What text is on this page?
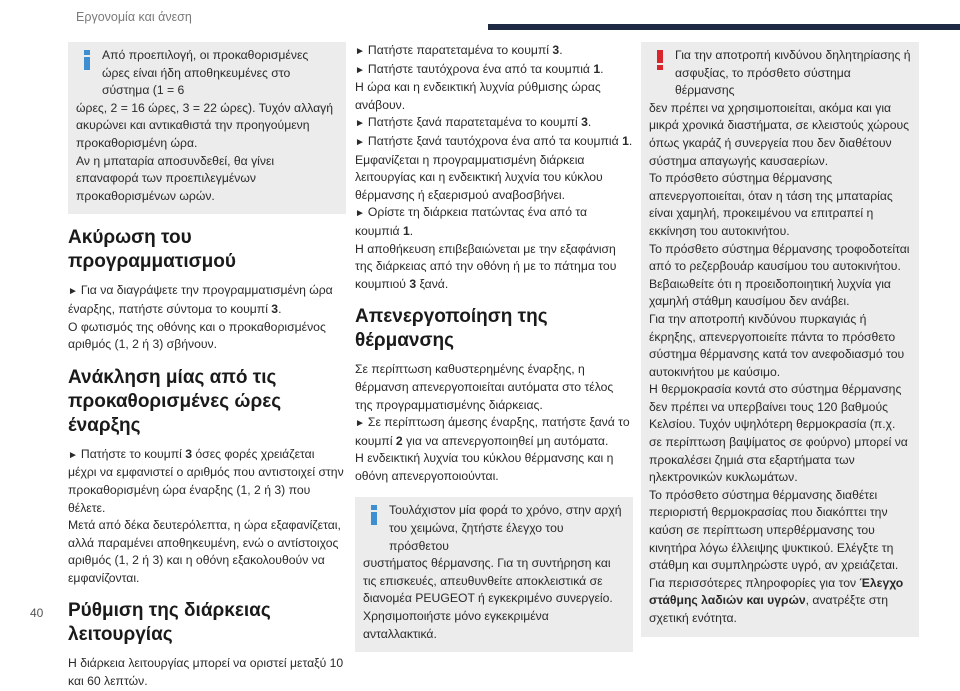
Εργονομία και άνεση

Από προεπιλογή, οι προκαθορισμένες ώρες είναι ήδη αποθηκευμένες στο σύστημα (1 = 6

ώρες, 2 = 16 ώρες, 3 = 22 ώρες). Τυχόν αλλαγή ακυρώνει και αντικαθιστά την προηγούμενη προκαθορισμένη ώρα.

Αν η μπαταρία αποσυνδεθεί, θα γίνει επαναφορά των προεπιλεγμένων προκαθορισμένων ωρών.

Ακύρωση του προγραμματισμού

► Για να διαγράψετε την προγραμματισμένη ώρα έναρξης, πατήστε σύντομα το κουμπί 3.

Ο φωτισμός της οθόνης και ο προκαθορισμένος αριθμός (1, 2 ή 3) σβήνουν.

Ανάκληση μίας από τις προκαθορισμένες ώρες έναρξης

► Πατήστε το κουμπί 3 όσες φορές χρειάζεται μέχρι να εμφανιστεί ο αριθμός που αντιστοιχεί στην προκαθορισμένη ώρα έναρξης (1, 2 ή 3) που θέλετε.

Μετά από δέκα δευτερόλεπτα, η ώρα εξαφανίζεται, αλλά παραμένει αποθηκευμένη, ενώ ο αντίστοιχος αριθμός (1, 2 ή 3) και η οθόνη εξακολουθούν να εμφανίζονται.

Ρύθμιση της διάρκειας λειτουργίας

Η διάρκεια λειτουργίας μπορεί να οριστεί μεταξύ 10 και 60 λεπτών.

► Πατήστε παρατεταμένα το κουμπί 3.

► Πατήστε ταυτόχρονα ένα από τα κουμπιά 1.

Η ώρα και η ενδεικτική λυχνία ρύθμισης ώρας ανάβουν.

► Πατήστε ξανά παρατεταμένα το κουμπί 3.

► Πατήστε ξανά ταυτόχρονα ένα από τα κουμπιά 1.

Εμφανίζεται η προγραμματισμένη διάρκεια λειτουργίας και η ενδεικτική λυχνία του κύκλου θέρμανσης ή εξαερισμού αναβοσβήνει.

► Ορίστε τη διάρκεια πατώντας ένα από τα κουμπιά 1.

Η αποθήκευση επιβεβαιώνεται με την εξαφάνιση της διάρκειας από την οθόνη ή με το πάτημα του κουμπιού 3 ξανά.

Απενεργοποίηση της θέρμανσης

Σε περίπτωση καθυστερημένης έναρξης, η θέρμανση απενεργοποιείται αυτόματα στο τέλος της προγραμματισμένης διάρκειας.

► Σε περίπτωση άμεσης έναρξης, πατήστε ξανά το κουμπί 2 για να απενεργοποιηθεί μη αυτόματα.

Η ενδεικτική λυχνία του κύκλου θέρμανσης και η οθόνη απενεργοποιούνται.

Τουλάχιστον μία φορά το χρόνο, στην αρχή του χειμώνα, ζητήστε έλεγχο του πρόσθετου

συστήματος θέρμανσης. Για τη συντήρηση και τις επισκευές, απευθυνθείτε αποκλειστικά σε διανομέα PEUGEOT ή εγκεκριμένο συνεργείο.

Χρησιμοποιήστε μόνο εγκεκριμένα ανταλλακτικά.

Για την αποτροπή κινδύνου δηλητηρίασης ή ασφυξίας, το πρόσθετο σύστημα θέρμανσης

δεν πρέπει να χρησιμοποιείται, ακόμα και για μικρά χρονικά διαστήματα, σε κλειστούς χώρους όπως γκαράζ ή συνεργεία που δεν διαθέτουν σύστημα απαγωγής καυσαερίων.

Το πρόσθετο σύστημα θέρμανσης απενεργοποιείται, όταν η τάση της μπαταρίας είναι χαμηλή, προκειμένου να επιτραπεί η εκκίνηση του αυτοκινήτου.

Το πρόσθετο σύστημα θέρμανσης τροφοδοτείται από το ρεζερβουάρ καυσίμου του αυτοκινήτου. Βεβαιωθείτε ότι η προειδοποιητική λυχνία για χαμηλή στάθμη καυσίμου δεν ανάβει.

Για την αποτροπή κινδύνου πυρκαγιάς ή έκρηξης, απενεργοποιείτε πάντα το πρόσθετο σύστημα θέρμανσης κατά τον ανεφοδιασμό του αυτοκινήτου με καύσιμο.

Η θερμοκρασία κοντά στο σύστημα θέρμανσης δεν πρέπει να υπερβαίνει τους 120 βαθμούς Κελσίου. Τυχόν υψηλότερη θερμοκρασία (π.χ. σε περίπτωση βαψίματος σε φούρνο) μπορεί να προκαλέσει ζημιά στα εξαρτήματα των ηλεκτρονικών κυκλωμάτων.

Το πρόσθετο σύστημα θέρμανσης διαθέτει περιοριστή θερμοκρασίας που διακόπτει την καύση σε περίπτωση υπερθέρμανσης του κινητήρα λόγω έλλειψης ψυκτικού. Ελέγξτε τη στάθμη και συμπληρώστε υγρό, αν χρειάζεται.

Για περισσότερες πληροφορίες για τον Έλεγχο στάθμης λαδιών και υγρών, ανατρέξτε στη σχετική ενότητα.

40
